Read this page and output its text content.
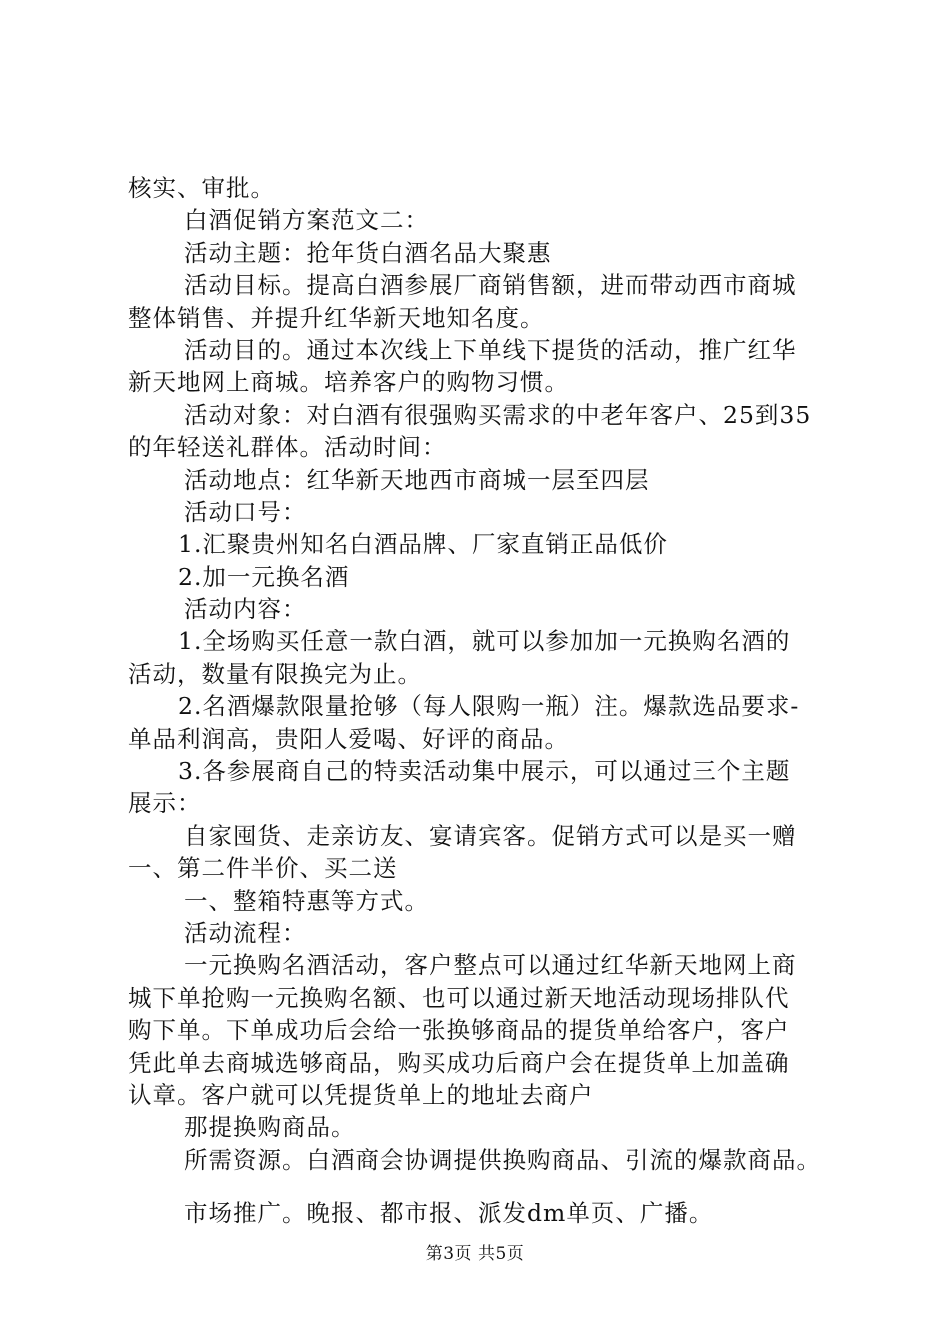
核实、审批。
白酒促销方案范文二：
活动主题：抢年货白酒名品大聚惠
活动目标。提高白酒参展厂商销售额，进而带动西市商城
整体销售、并提升红华新天地知名度。
活动目的。通过本次线上下单线下提货的活动，推广红华
新天地网上商城。培养客户的购物习惯。
活动对象：对白酒有很强购买需求的中老年客户、25到35
的年轻送礼群体。活动时间：
活动地点：红华新天地西市商城一层至四层
活动口号：
1.汇聚贵州知名白酒品牌、厂家直销正品低价
2.加一元换名酒
活动内容：
1.全场购买任意一款白酒，就可以参加加一元换购名酒的
活动，数量有限换完为止。
2.名酒爆款限量抢够（每人限购一瓶）注。爆款选品要求-
单品利润高，贵阳人爱喝、好评的商品。
3.各参展商自己的特卖活动集中展示，可以通过三个主题
展示：
自家囤货、走亲访友、宴请宾客。促销方式可以是买一赠
一、第二件半价、买二送
一、整箱特惠等方式。
活动流程：
一元换购名酒活动，客户整点可以通过红华新天地网上商
城下单抢购一元换购名额、也可以通过新天地活动现场排队代
购下单。下单成功后会给一张换够商品的提货单给客户，客户
凭此单去商城选够商品，购买成功后商户会在提货单上加盖确
认章。客户就可以凭提货单上的地址去商户
那提换购商品。
所需资源。白酒商会协调提供换购商品、引流的爆款商品。
市场推广。晚报、都市报、派发dm单页、广播。
第3页 共5页
